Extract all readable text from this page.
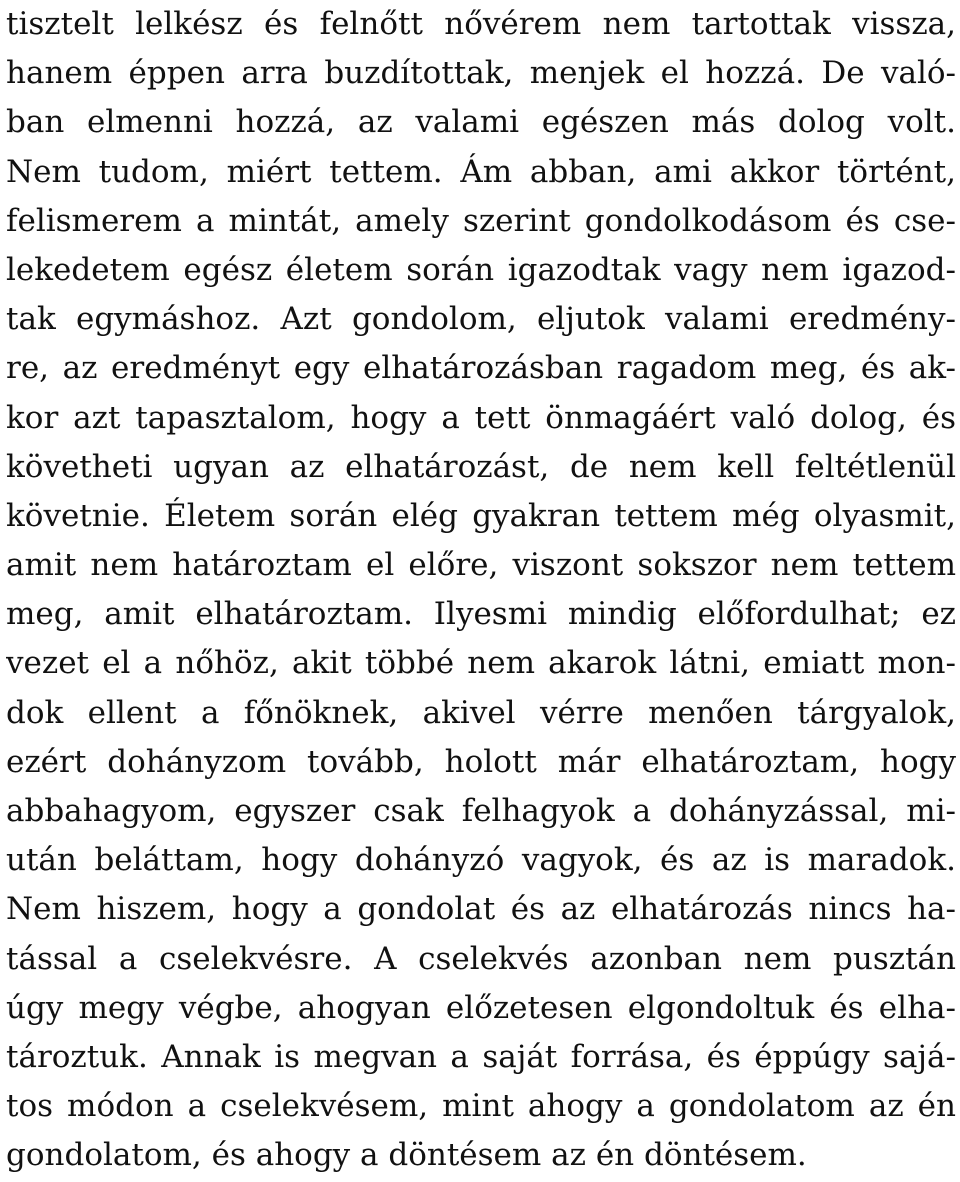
tisztelt lelkész és felnőtt nővérem nem tartottak vissza,
hanem éppen arra buzdítottak, menjek el hozzá. De való-
ban elmenni hozzá, az valami egészen más dolog volt.
Nem tudom, miért tettem. Ám abban, ami akkor történt,
felismerem a mintát, amely szerint gondolkodásom és cse-
lekedetem egész életem során igazodtak vagy nem igazod-
tak egymáshoz. Azt gondolom, eljutok valami eredmény-
re, az eredményt egy elhatározásban ragadom meg, és ak-
kor azt tapasztalom, hogy a tett önmagáért való dolog, és
követheti ugyan az elhatározást, de nem kell feltétlenül
követnie. Életem során elég gyakran tettem még olyasmit,
amit nem határoztam el előre, viszont sokszor nem tettem
meg, amit elhatároztam. Ilyesmi mindig előfordulhat; ez
vezet el a nőhöz, akit többé nem akarok látni, emiatt mon-
dok ellent a főnöknek, akivel vérre menően tárgyalok,
ezért dohányzom tovább, holott már elhatároztam, hogy
abbahagyom, egyszer csak felhagyok a dohányzással, mi-
után beláttam, hogy dohányzó vagyok, és az is maradok.
Nem hiszem, hogy a gondolat és az elhatározás nincs ha-
tással a cselekvésre. A cselekvés azonban nem pusztán
úgy megy végbe, ahogyan előzetesen elgondoltuk és elha-
tároztuk. Annak is megvan a saját forrása, és éppúgy sajá-
tos módon a cselekvésem, mint ahogy a gondolatom az én
gondolatom, és ahogy a döntésem az én döntésem.
